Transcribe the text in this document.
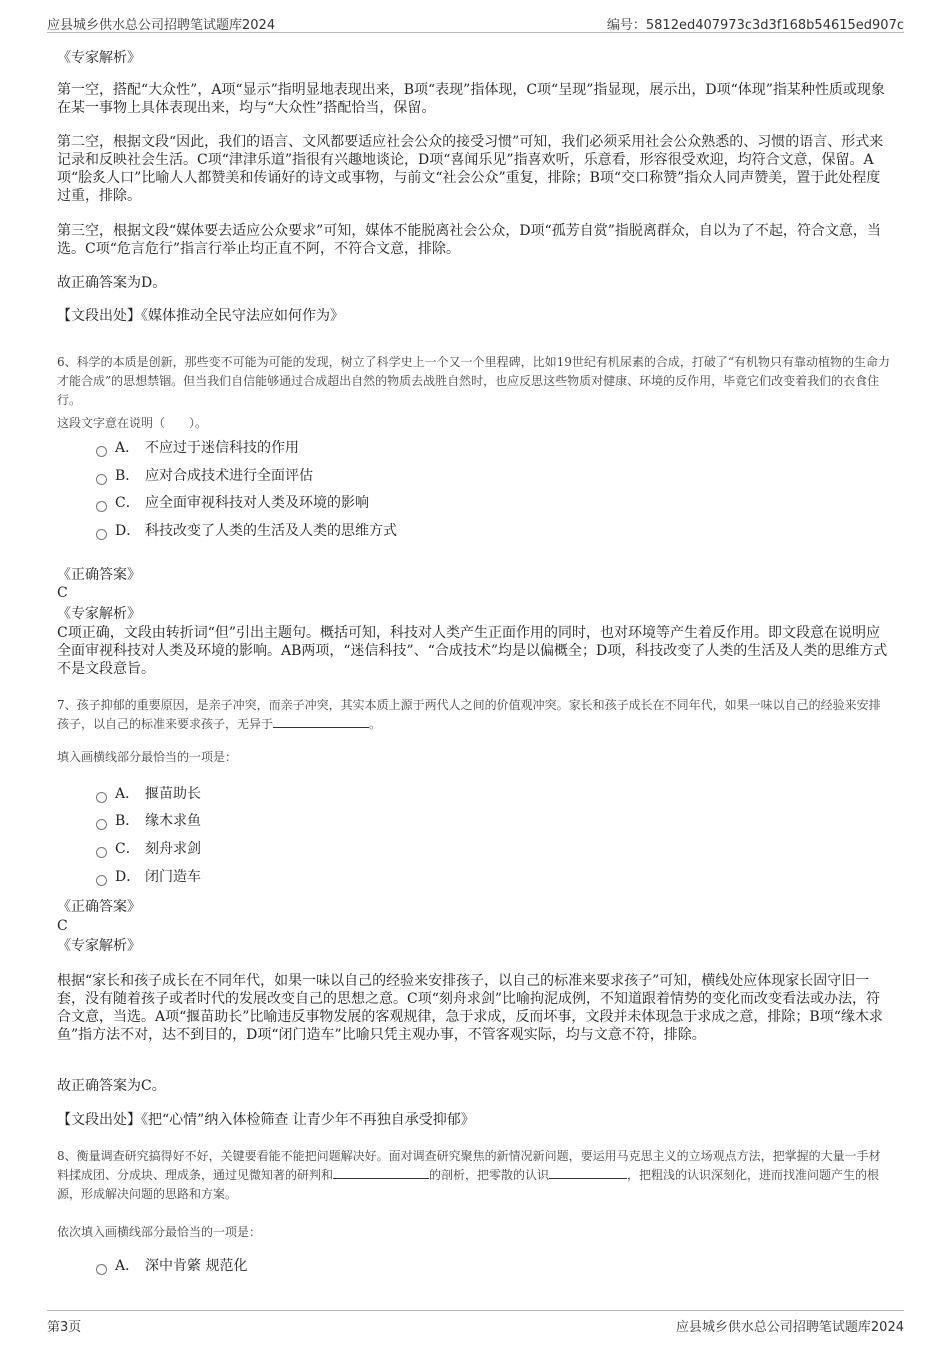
应县城乡供水总公司招聘笔试题库2024	编号：5812ed407973c3d3f168b54615ed907c

《专家解析》

第一空，搭配“大众性”，A项“显示”指明显地表现出来，B项“表现”指体现，C项“呈现”指显现，展示出，D项“体现”指某种性质或现象在某一事物上具体表现出来，均与“大众性”搭配恰当，保留。

第二空，根据文段“因此，我们的语言、文风都要适应社会公众的接受习惯”可知，我们必须采用社会公众熟悉的、习惯的语言、形式来记录和反映社会生活。C项“津津乐道”指很有兴趣地谈论，D项“喜闻乐见”指喜欢听，乐意看，形容很受欢迎，均符合文意，保留。A项“脍炙人口”比喻人人都赞美和传诵好的诗文或事物，与前文“社会公众”重复，排除；B项“交口称赞”指众人同声赞美，置于此处程度过重，排除。

第三空，根据文段“媒体要去适应公众要求”可知，媒体不能脱离社会公众，D项“孤芳自赏”指脱离群众，自以为了不起，符合文意，当选。C项“危言危行”指言行举止均正直不阿，不符合文意，排除。

故正确答案为D。

【文段出处】《媒体推动全民守法应如何作为》

6、科学的本质是创新，那些变不可能为可能的发现，树立了科学史上一个又一个里程碑，比如19世纪有机尿素的合成，打破了“有机物只有靠动植物的生命力才能合成”的思想禁锢。但当我们自信能够通过合成超出自然的物质去战胜自然时，也应反思这些物质对健康、环境的反作用，毕竟它们改变着我们的衣食住行。

这段文字意在说明（　　）。

A． 不应过于迷信科技的作用
B． 应对合成技术进行全面评估
C． 应全面审视科技对人类及环境的影响
D． 科技改变了人类的生活及人类的思维方式

《正确答案》

C

《专家解析》

C项正确，文段由转折词“但”引出主题句。概括可知，科技对人类产生正面作用的同时，也对环境等产生着反作用。即文段意在说明应全面审视科技对人类及环境的影响。AB两项，“迷信科技”、“合成技术”均是以偏概全；D项，科技改变了人类的生活及人类的思维方式不是文段意旨。

7、孩子抑郁的重要原因，是亲子冲突，而亲子冲突，其实本质上源于两代人之间的价值观冲突。家长和孩子成长在不同年代，如果一味以自己的经验来安排孩子，以自己的标准来要求孩子，无异于	。

填入画横线部分最恰当的一项是：

A． 揠苗助长
B． 缘木求鱼
C． 刻舟求剑
D． 闭门造车

《正确答案》

C

《专家解析》

根据“家长和孩子成长在不同年代，如果一味以自己的经验来安排孩子，以自己的标准来要求孩子”可知，横线处应体现家长固守旧一套，没有随着孩子或者时代的发展改变自己的思想之意。C项“刻舟求剑”比喻拘泥成例，不知道跟着情势的变化而改变看法或办法，符合文意，当选。A项“揠苗助长”比喻违反事物发展的客观规律，急于求成，反而坏事，文段并未体现急于求成之意，排除；B项“缘木求鱼”指方法不对，达不到目的，D项“闭门造车”比喻只凭主观办事，不管客观实际，均与文意不符，排除。

故正确答案为C。

【文段出处】《把“心情”纳入体检筛查 让青少年不再独自承受抑郁》

8、衡量调查研究搞得好不好，关键要看能不能把问题解决好。面对调查研究聚焦的新情况新问题，要运用马克思主义的立场观点方法，把掌握的大量一手材料揉成团、分成块、理成条，通过见微知著的研判和	的剖析，把零散的认识	，把粗浅的认识深刻化，进而找准问题产生的根源，形成解决问题的思路和方案。

依次填入画横线部分最恰当的一项是：

A． 深中肯綮 规范化
第3页	应县城乡供水总公司招聘笔试题库2024
